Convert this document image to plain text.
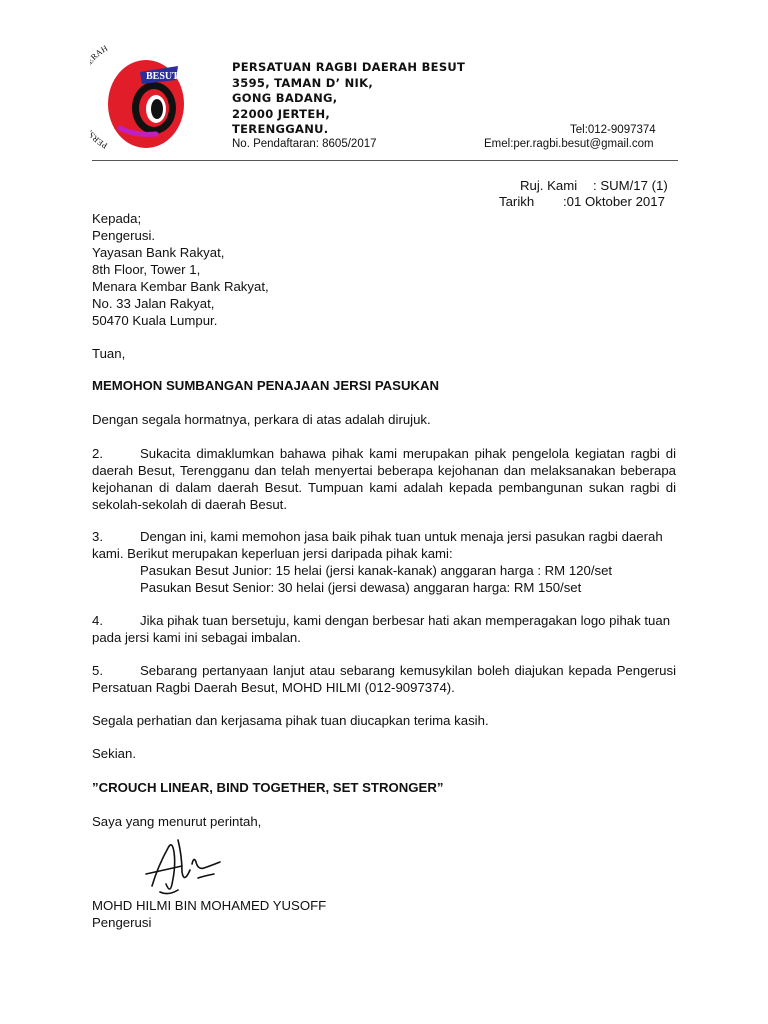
PER AH
BESUT
PERSATUAN RAGBI DAERAH BESUT
3595, TAMAN D’ NIK,
GONG BADANG,
22000 JERTEH,
TERENGGANU.
No. Pendaftaran: 8605/2017
Tel:012-9097374
Emel:per.ragbi.besut@gmail.com
Ruj. Kami : SUM/17 (1)
Tarikh :01 Oktober 2017
Kepada;
Pengerusi.
Yayasan Bank Rakyat,
8th Floor, Tower 1,
Menara Kembar Bank Rakyat,
No. 33 Jalan Rakyat,
50470 Kuala Lumpur.
Tuan,
MEMOHON SUMBANGAN PENAJAAN JERSI PASUKAN
Dengan segala hormatnya, perkara di atas adalah dirujuk.
2.	Sukacita dimaklumkan bahawa pihak kami merupakan pihak pengelola kegiatan ragbi di daerah Besut, Terengganu dan telah menyertai beberapa kejohanan dan melaksanakan beberapa kejohanan di dalam daerah Besut. Tumpuan kami adalah kepada pembangunan sukan ragbi di sekolah-sekolah di daerah Besut.
3.	Dengan ini, kami memohon jasa baik pihak tuan untuk menaja jersi pasukan ragbi daerah kami. Berikut merupakan keperluan jersi daripada pihak kami:
Pasukan Besut Junior: 15 helai (jersi kanak-kanak) anggaran harga : RM 120/set
Pasukan Besut Senior: 30 helai (jersi dewasa) anggaran harga: RM 150/set
4.	Jika pihak tuan bersetuju, kami dengan berbesar hati akan memperagakan logo pihak tuan pada jersi kami ini sebagai imbalan.
5.	Sebarang pertanyaan lanjut atau sebarang kemusykilan boleh diajukan kepada Pengerusi Persatuan Ragbi Daerah Besut, MOHD HILMI (012-9097374).
Segala perhatian dan kerjasama pihak tuan diucapkan terima kasih.
Sekian.
”CROUCH LINEAR, BIND TOGETHER, SET STRONGER”
Saya yang menurut perintah,
MOHD HILMI BIN MOHAMED YUSOFF
Pengerusi
